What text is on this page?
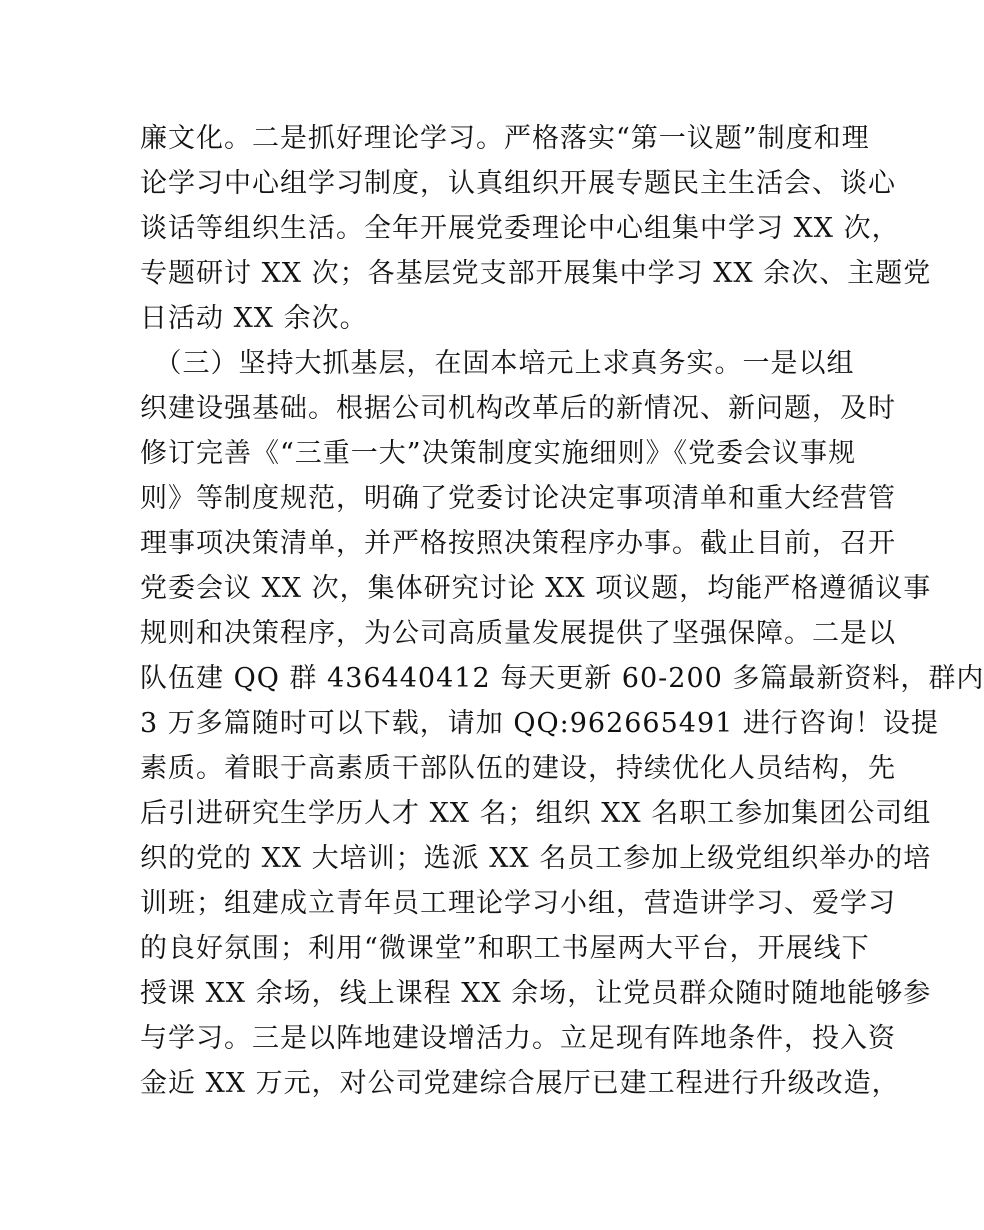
廉文化。二是抓好理论学习。严格落实“第一议题”制度和理
论学习中心组学习制度，认真组织开展专题民主生活会、谈心
谈话等组织生活。全年开展党委理论中心组集中学习 XX 次，
专题研讨 XX 次；各基层党支部开展集中学习 XX 余次、主题党
日活动 XX 余次。
　（三）坚持大抓基层，在固本培元上求真务实。一是以组
织建设强基础。根据公司机构改革后的新情况、新问题，及时
修订完善《“三重一大”决策制度实施细则》《党委会议事规
则》等制度规范，明确了党委讨论决定事项清单和重大经营管
理事项决策清单，并严格按照决策程序办事。截止目前，召开
党委会议 XX 次，集体研究讨论 XX 项议题，均能严格遵循议事
规则和决策程序，为公司高质量发展提供了坚强保障。二是以
队伍建 QQ 群 436440412 每天更新 60-200 多篇最新资料，群内
3 万多篇随时可以下载，请加 QQ:962665491 进行咨询！设提
素质。着眼于高素质干部队伍的建设，持续优化人员结构，先
后引进研究生学历人才 XX 名；组织 XX 名职工参加集团公司组
织的党的 XX 大培训；选派 XX 名员工参加上级党组织举办的培
训班；组建成立青年员工理论学习小组，营造讲学习、爱学习
的良好氛围；利用“微课堂”和职工书屋两大平台，开展线下
授课 XX 余场，线上课程 XX 余场，让党员群众随时随地能够参
与学习。三是以阵地建设增活力。立足现有阵地条件，投入资
金近 XX 万元，对公司党建综合展厅已建工程进行升级改造，
